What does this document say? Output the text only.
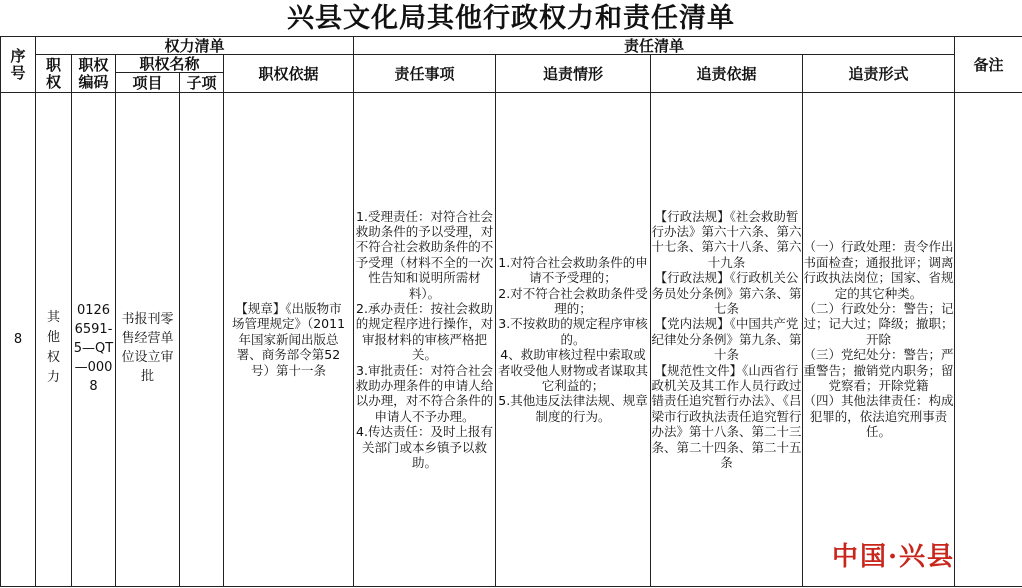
兴县文化局其他行政权力和责任清单
序号	权力清单					责任清单				备注
	职权	职权编码	职权名称		职权依据	责任事项	追责情形	追责依据	追责形式	
			项目	子项						
8	其他权力	01266591-5—QT—0008	书报刊零售经营单位设立审批		【规章】《出版物市场管理规定》（2011年国家新闻出版总署、商务部令第52号）第十一条	1.受理责任：对符合社会救助条件的予以受理，对不符合社会救助条件的不予受理（材料不全的一次性告知和说明所需材料）。
2.承办责任：按社会救助的规定程序进行操作，对审报材料的审核严格把关。
3.审批责任：对符合社会救助办理条件的申请人给以办理，对不符合条件的申请人不予办理。
4.传达责任：及时上报有关部门或本乡镇予以救助。	1.对符合社会救助条件的申请不予受理的；
2.对不符合社会救助条件受理的；
3.不按救助的规定程序审核的。
4、救助审核过程中索取或者收受他人财物或者谋取其它利益的；
5.其他违反法律法规、规章制度的行为。	【行政法规】《社会救助暂行办法》第六十六条、第六十七条、第六十八条、第六十九条
【行政法规】《行政机关公务员处分条例》第六条、第七条
【党内法规】《中国共产党纪律处分条例》第九条、第十条
【规范性文件】《山西省行政机关及其工作人员行政过错责任追究暂行办法》、《吕梁市行政执法责任追究暂行办法》第十八条、第二十三条、第二十四条、第二十五条	（一）行政处理：责令作出书面检查；通报批评；调离行政执法岗位；国家、省规定的其它种类。
（二）行政处分：警告；记过；记大过；降级；撤职；开除
（三）党纪处分：警告；严重警告；撤销党内职务；留党察看；开除党籍
（四）其他法律责任：构成犯罪的，依法追究刑事责任。	
中国·兴县
